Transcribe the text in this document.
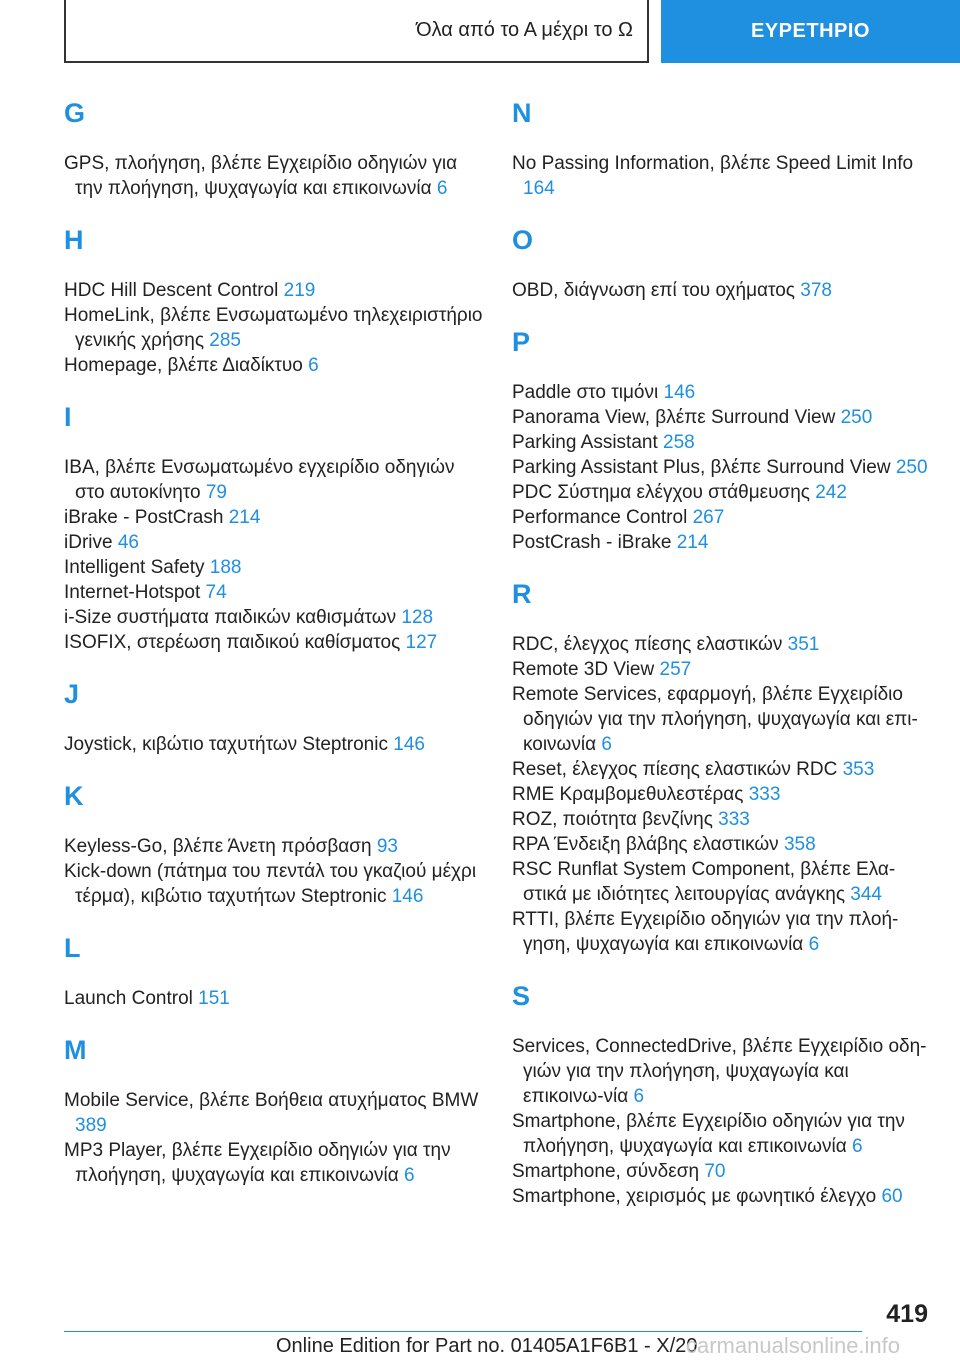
Όλα από το Α μέχρι το Ω	ΕΥΡΕΤΗΡΙΟ
G
GPS, πλοήγηση, βλέπε Εγχειρίδιο οδηγιών για την πλοήγηση, ψυχαγωγία και επικοινωνία 6
H
HDC Hill Descent Control 219
HomeLink, βλέπε Ενσωματωμένο τηλεχειριστήριο γενικής χρήσης 285
Homepage, βλέπε Διαδίκτυο 6
I
IBA, βλέπε Ενσωματωμένο εγχειρίδιο οδηγιών στο αυτοκίνητο 79
iBrake - PostCrash 214
iDrive 46
Intelligent Safety 188
Internet-Hotspot 74
i-Size συστήματα παιδικών καθισμάτων 128
ISOFIX, στερέωση παιδικού καθίσματος 127
J
Joystick, κιβώτιο ταχυτήτων Steptronic 146
K
Keyless-Go, βλέπε Άνετη πρόσβαση 93
Kick-down (πάτημα του πεντάλ του γκαζιού μέχρι τέρμα), κιβώτιο ταχυτήτων Steptronic 146
L
Launch Control 151
M
Mobile Service, βλέπε Βοήθεια ατυχήματος BMW 389
MP3 Player, βλέπε Εγχειρίδιο οδηγιών για την πλοήγηση, ψυχαγωγία και επικοινωνία 6
N
No Passing Information, βλέπε Speed Limit Info 164
O
OBD, διάγνωση επί του οχήματος 378
P
Paddle στο τιμόνι 146
Panorama View, βλέπε Surround View 250
Parking Assistant 258
Parking Assistant Plus, βλέπε Surround View 250
PDC Σύστημα ελέγχου στάθμευσης 242
Performance Control 267
PostCrash - iBrake 214
R
RDC, έλεγχος πίεσης ελαστικών 351
Remote 3D View 257
Remote Services, εφαρμογή, βλέπε Εγχειρίδιο οδηγιών για την πλοήγηση, ψυχαγωγία και επι-κοινωνία 6
Reset, έλεγχος πίεσης ελαστικών RDC 353
RME Κραμβομεθυλεστέρας 333
ROZ, ποιότητα βενζίνης 333
RPA Ένδειξη βλάβης ελαστικών 358
RSC Runflat System Component, βλέπε Ελα-στικά με ιδιότητες λειτουργίας ανάγκης 344
RTTI, βλέπε Εγχειρίδιο οδηγιών για την πλοή-γηση, ψυχαγωγία και επικοινωνία 6
S
Services, ConnectedDrive, βλέπε Εγχειρίδιο οδη-γιών για την πλοήγηση, ψυχαγωγία και επικοινω-νία 6
Smartphone, βλέπε Εγχειρίδιο οδηγιών για την πλοήγηση, ψυχαγωγία και επικοινωνία 6
Smartphone, σύνδεση 70
Smartphone, χειρισμός με φωνητικό έλεγχο 60
419
Online Edition for Part no. 01405A1F6B1 - X/20
carmanualsonline.info
